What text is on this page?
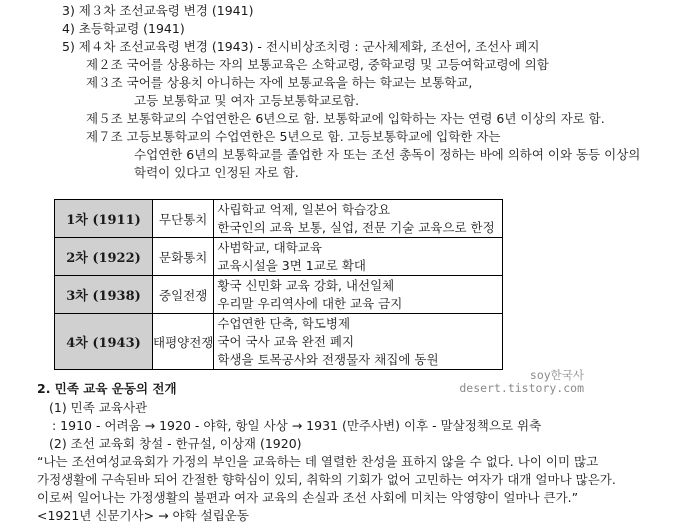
3) 제３차 조선교육령 변경 (1941)
4) 초등학교령 (1941)
5) 제４차 조선교육령 변경 (1943) - 전시비상조치령 : 군사체제화, 조선어, 조선사 폐지
제２조 국어를 상용하는 자의 보통교육은 소학교령, 중학교령 및 고등여학교령에 의함
제３조 국어를 상용치 아니하는 자에 보통교육을 하는 학교는 보통학교,
고등 보통학교 및 여자 고등보통학교로함.
제５조 보통학교의 수업연한은 6년으로 함. 보통학교에 입학하는 자는 연령 6년 이상의 자로 함.
제７조 고등보통학교의 수업연한은 5년으로 함. 고등보통학교에 입학한 자는
수업연한 6년의 보통학교를 졸업한 자 또는 조선 총독이 정하는 바에 의하여 이와 동등 이상의
학력이 있다고 인정된 자로 함.
1차 (1911)	무단통치	사립학교 억제, 일본어 학습강요
한국인의 교육 보통, 실업, 전문 기술 교육으로 한정

2차 (1922)	문화통치	사범학교, 대학교육
교육시설을 3면 1교로 확대

3차 (1938)	중일전쟁	황국 신민화 교육 강화, 내선일체
우리말 우리역사에 대한 교육 금지

4차 (1943)	태평양전쟁	수업연한 단축, 학도병제
국어 국사 교육 완전 폐지
학생을 토목공사와 전쟁물자 채집에 동원
soy한국사
desert.tistory.com
2. 민족 교육 운동의 전개
(1) 민족 교육사관
: 1910 - 어려움 → 1920 - 야학, 항일 사상 → 1931 (만주사변) 이후 - 말살정책으로 위축
(2) 조선 교육회 창설 - 한규설, 이상재 (1920)
“나는 조선여성교육회가 가정의 부인을 교육하는 데 열렬한 찬성을 표하지 않을 수 없다. 나이 이미 많고
가정생활에 구속된바 되어 간절한 향학심이 있되, 취학의 기회가 없어 고민하는 여자가 대개 얼마나 많은가.
이로써 일어나는 가정생활의 불편과 여자 교육의 손실과 조선 사회에 미치는 악영향이 얼마나 큰가.”
<1921년 신문기사> → 야학 설립운동
